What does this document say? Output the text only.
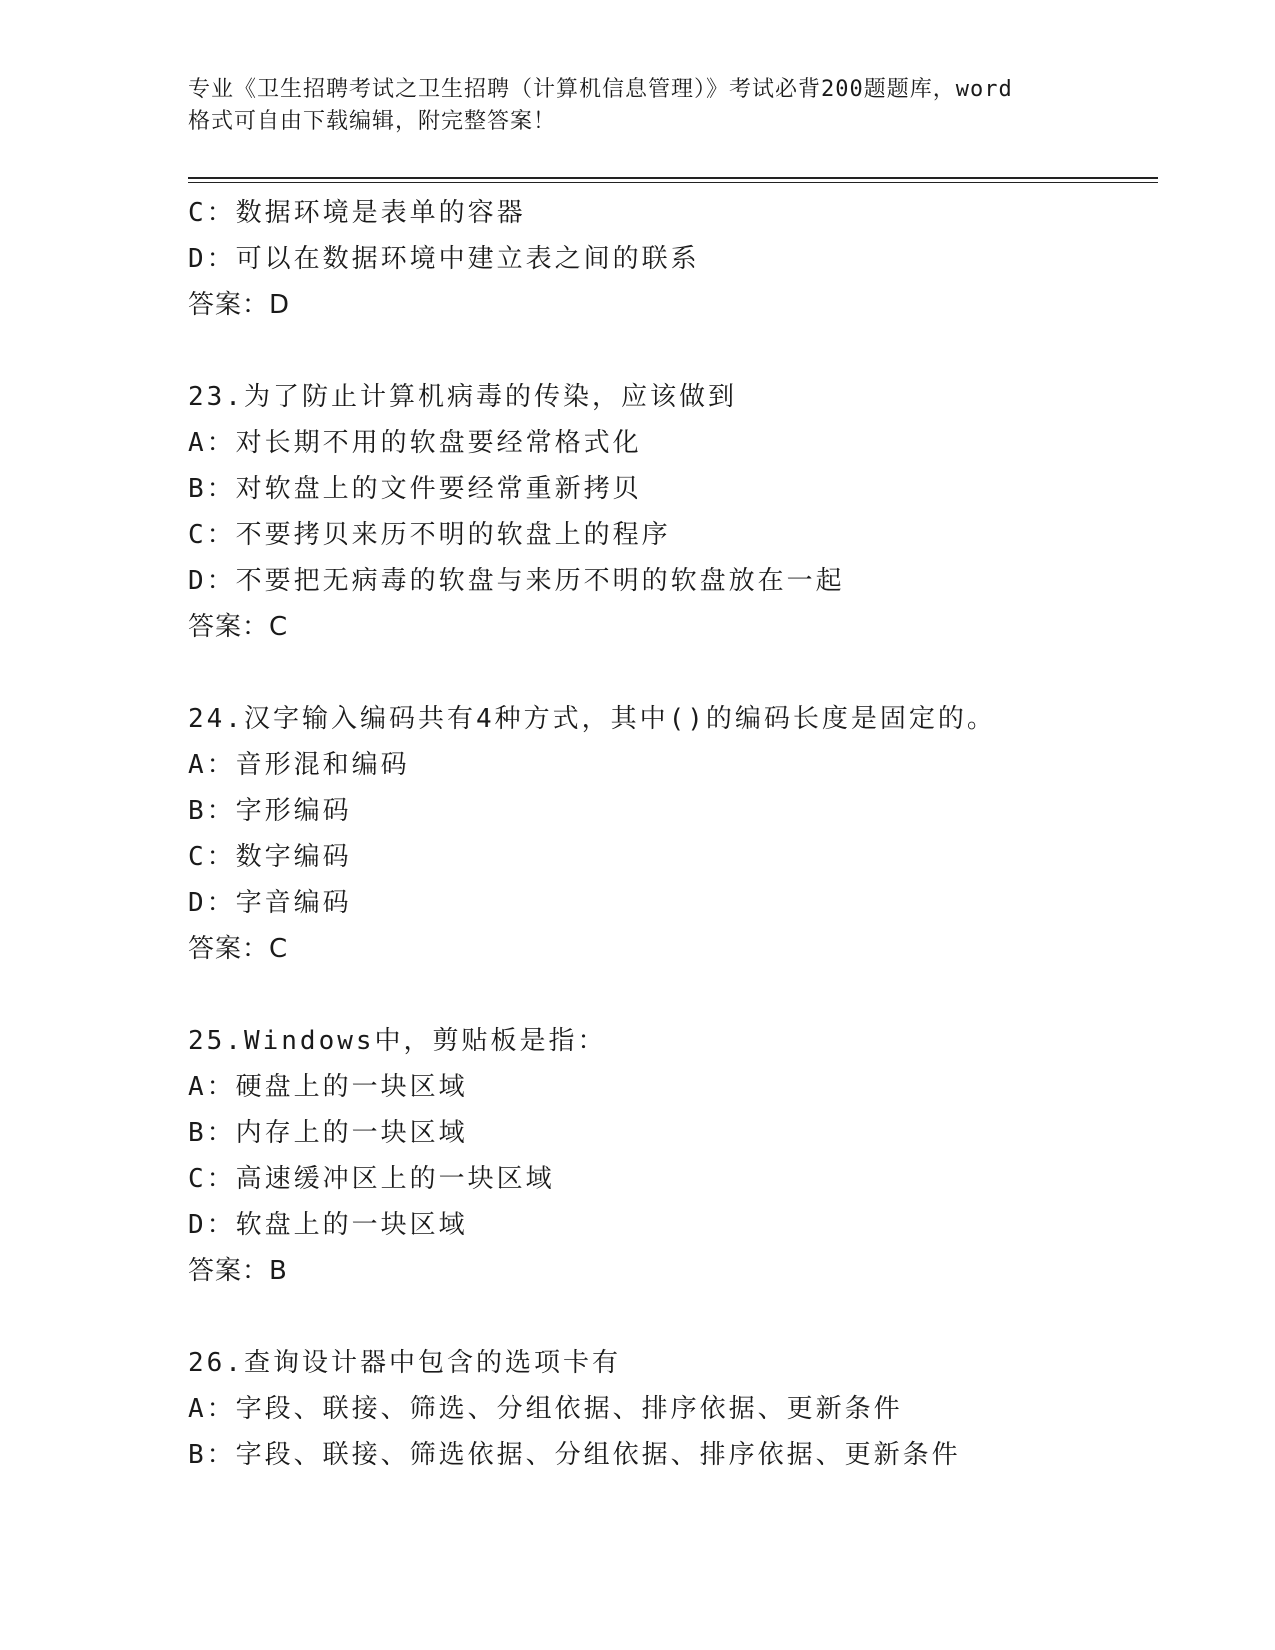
专业《卫生招聘考试之卫生招聘（计算机信息管理）》考试必背200题题库，word
格式可自由下载编辑，附完整答案！
C：数据环境是表单的容器
D：可以在数据环境中建立表之间的联系
答案：D
23.为了防止计算机病毒的传染，应该做到
A：对长期不用的软盘要经常格式化
B：对软盘上的文件要经常重新拷贝
C：不要拷贝来历不明的软盘上的程序
D：不要把无病毒的软盘与来历不明的软盘放在一起
答案：C
24.汉字输入编码共有4种方式，其中()的编码长度是固定的。
A：音形混和编码
B：字形编码
C：数字编码
D：字音编码
答案：C
25.Windows中，剪贴板是指：
A：硬盘上的一块区域
B：内存上的一块区域
C：高速缓冲区上的一块区域
D：软盘上的一块区域
答案：B
26.查询设计器中包含的选项卡有
A：字段、联接、筛选、分组依据、排序依据、更新条件
B：字段、联接、筛选依据、分组依据、排序依据、更新条件
